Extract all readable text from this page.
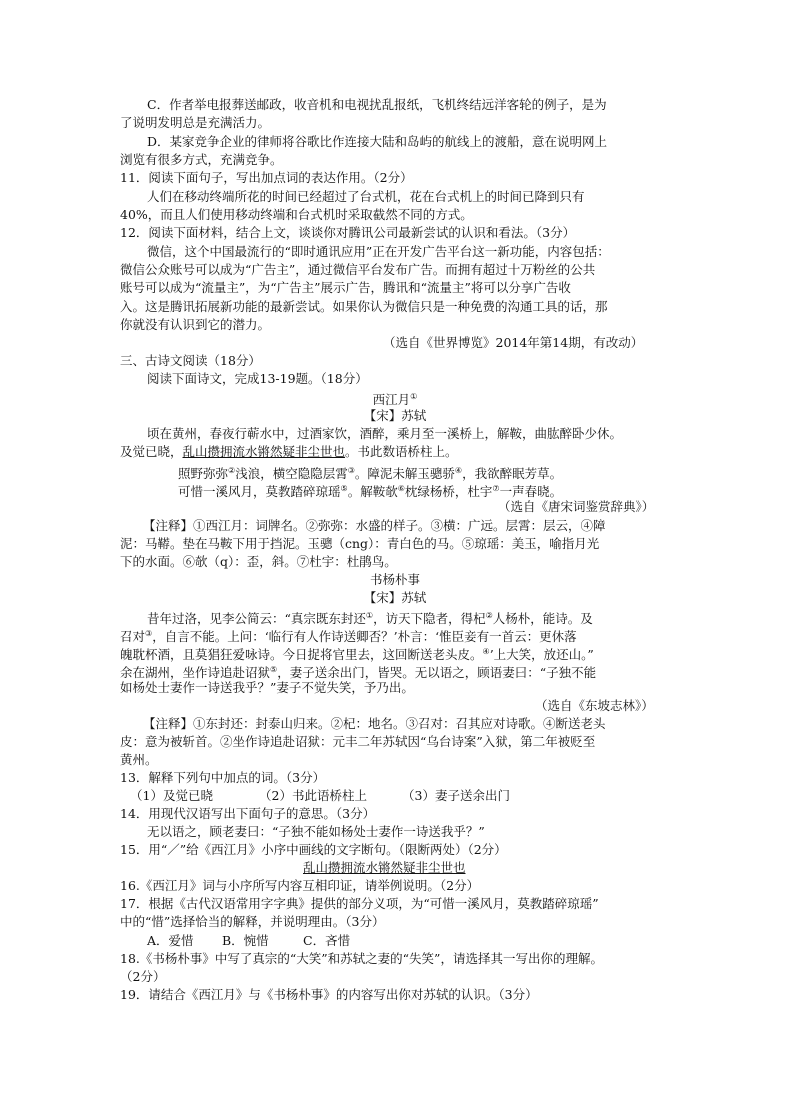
C．作者举电报葬送邮政，收音机和电视扰乱报纸，飞机终结远洋客轮的例子，是为
了说明发明总是充满活力。
D．某家竞争企业的律师将谷歌比作连接大陆和岛屿的航线上的渡船，意在说明网上
浏览有很多方式，充满竞争。
11．阅读下面句子，写出加点词的表达作用。（2分）
人们在移动终端所花的时间已经超过了台式机，花在台式机上的时间已降到只有
40%，而且人们使用移动终端和台式机时采取截然不同的方式。
12．阅读下面材料，结合上文，谈谈你对腾讯公司最新尝试的认识和看法。（3分）
微信，这个中国最流行的“即时通讯应用”正在开发广告平台这一新功能，内容包括：
微信公众账号可以成为“广告主”，通过微信平台发布广告。而拥有超过十万粉丝的公共
账号可以成为“流量主”，为“广告主”展示广告，腾讯和“流量主”将可以分享广告收
入。这是腾讯拓展新功能的最新尝试。如果你认为微信只是一种免费的沟通工具的话，那
你就没有认识到它的潜力。
（选自《世界博览》2014年第14期，有改动）
三、古诗文阅读（18分）
阅读下面诗文，完成13-19题。（18分）
西江月①
【宋】苏轼
顷在黄州，春夜行蕲水中，过酒家饮，酒醉，乘月至一溪桥上，解鞍，曲肱醉卧少休。
及觉已晓，乱山攒拥流水锵然疑非尘世也。书此数语桥柱上。
照野弥弥②浅浪，横空隐隐层霄③。障泥未解玉骢骄④，我欲醉眠芳草。
可惜一溪风月，莫教踏碎琼瑶⑤。解鞍欹⑥枕绿杨桥，杜宇⑦一声春晓。
（选自《唐宋词鉴赏辞典》）
【注释】①西江月：词牌名。②弥弥：水盛的样子。③横：广远。层霄：层云，④障
泥：马鞯。垫在马鞍下用于挡泥。玉骢（cng）：青白色的马。⑤琼瑶：美玉，喻指月光
下的水面。⑥欹（q）：歪，斜。⑦杜宇：杜鹃鸟。
书杨朴事
【宋】苏轼
昔年过洛，见李公简云：“真宗既东封还①，访天下隐者，得杞②人杨朴，能诗。及
召对③，自言不能。上问：‘临行有人作诗送卿否？’朴言：‘惟臣妾有一首云：更休落
魄耽杯酒，且莫猖狂爱咏诗。今日捉将官里去，这回断送老头皮。④’上大笑，放还山。”
余在湖州，坐作诗追赴诏狱⑤，妻子送余出门，皆哭。无以语之，顾语妻曰：“子独不能
如杨处士妻作一诗送我乎？”妻子不觉失笑，予乃出。
（选自《东坡志林》）
【注释】①东封还：封泰山归来。②杞：地名。③召对：召其应对诗歌。④断送老头
皮：意为被斩首。②坐作诗追赴诏狱：元丰二年苏轼因“乌台诗案”入狱，第二年被贬至
黄州。
13．解释下列句中加点的词。（3分）
（1）及觉已晓	（2）书此语桥柱上	（3）妻子送余出门
14．用现代汉语写出下面句子的意思。（3分）
无以语之，顾老妻曰：“子独不能如杨处士妻作一诗送我乎？”
15．用“／”给《西江月》小序中画线的文字断句。（限断两处）（2分）
乱山攒拥流水锵然疑非尘世也
16.《西江月》词与小序所写内容互相印证，请举例说明。（2分）
17．根据《古代汉语常用字字典》提供的部分义项，为“可惜一溪风月，莫教踏碎琼瑶”
中的“惜”选择恰当的解释，并说明理由。（3分）
A．爱惜 B．惋惜	C．吝惜
18.《书杨朴事》中写了真宗的“大笑”和苏轼之妻的“失笑”，请选择其一写出你的理解。
（2分）
19．请结合《西江月》与《书杨朴事》的内容写出你对苏轼的认识。（3分）
